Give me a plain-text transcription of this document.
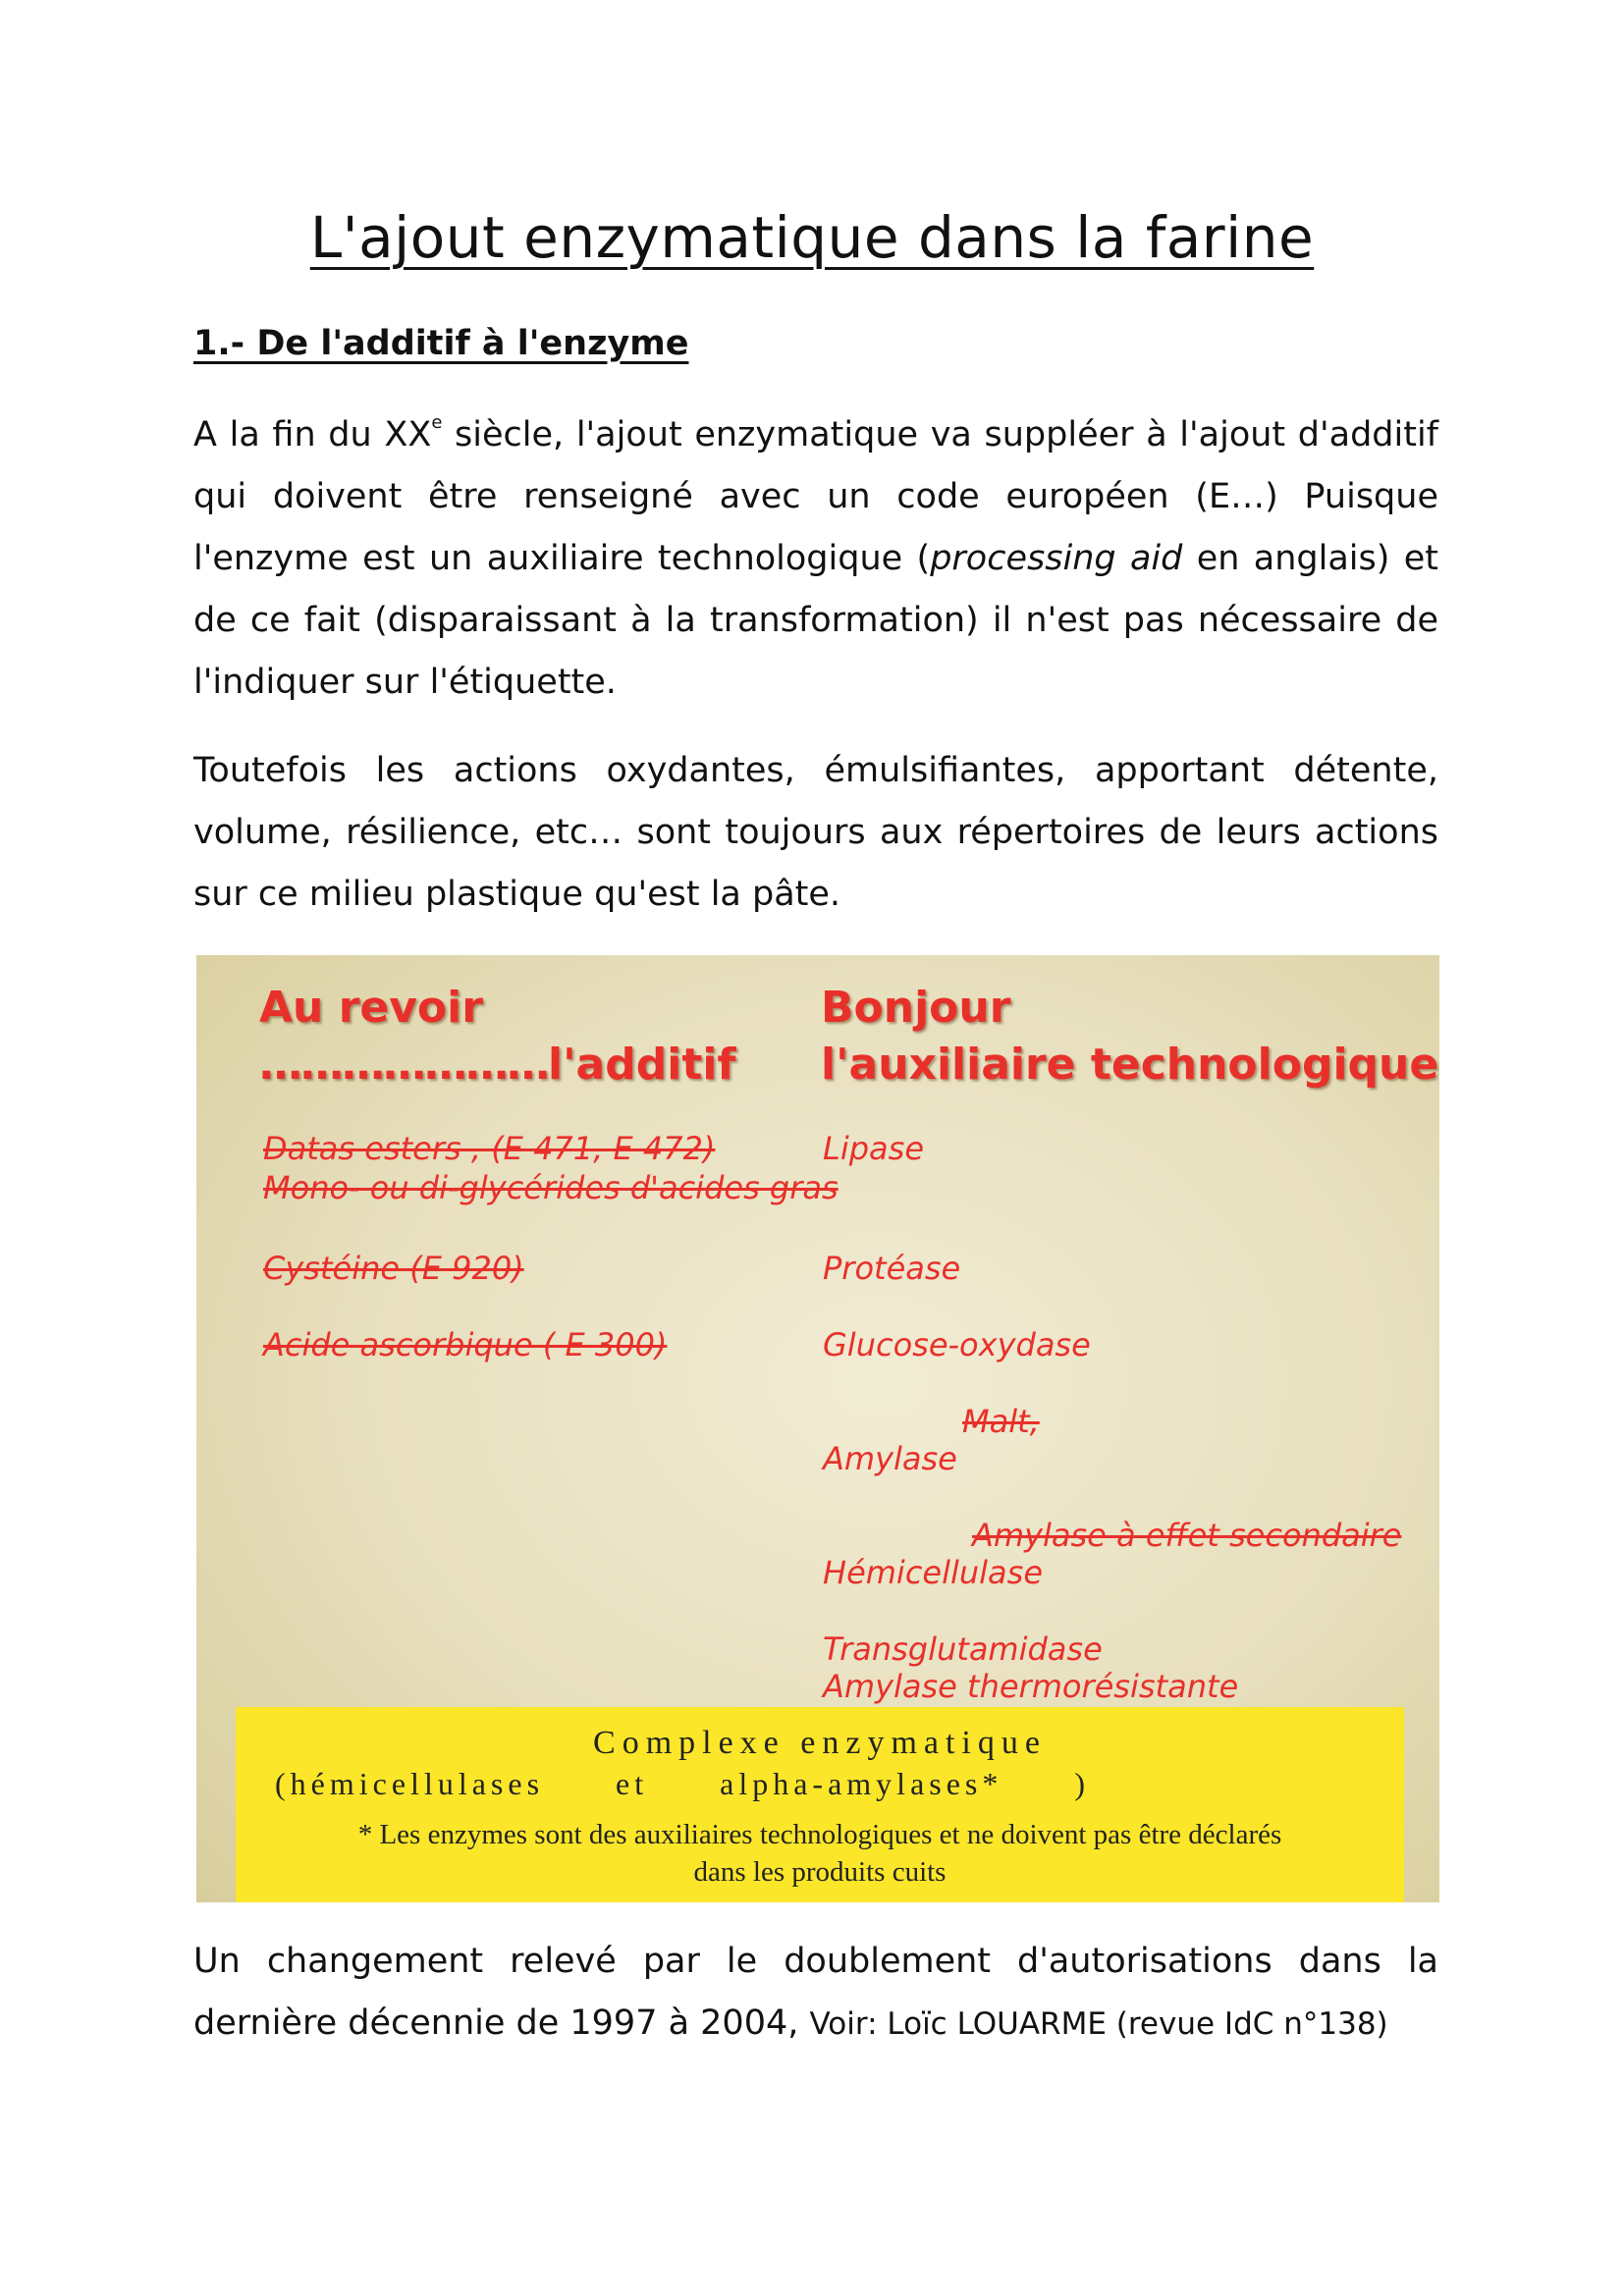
L'ajout enzymatique dans la farine
1.- De l'additif à l'enzyme

A la fin du XXe siècle, l'ajout enzymatique va suppléer à l'ajout d'additif qui doivent être renseigné avec un code européen (E…) Puisque l'enzyme est un auxiliaire technologique (processing aid en anglais) et de ce fait (disparaissant à la transformation) il n'est pas nécessaire de l'indiquer sur l'étiquette.

Toutefois les actions oxydantes, émulsifiantes, apportant détente, volume, résilience, etc… sont toujours aux répertoires de leurs actions sur ce milieu plastique qu'est la pâte.

Au revoir
…………………l'additif
Bonjour
l'auxiliaire technologique
Datas esters , (E 471, E 472)
Mono- ou di-glycérides d'acides gras
Cystéine (E 920)
Acide ascorbique ( E 300)
Lipase
Protéase
Glucose-oxydase
Malt,
Amylase
Amylase à effet secondaire
Hémicellulase
Transglutamidase
Amylase thermorésistante
Complexe enzymatique
(hémicellulases et alpha-amylases* )
* Les enzymes sont des auxiliaires technologiques et ne doivent pas être déclarés
dans les produits cuits

Un changement relevé par le doublement d'autorisations dans la dernière décennie de 1997 à 2004, Voir: Loïc LOUARME (revue IdC n°138)
